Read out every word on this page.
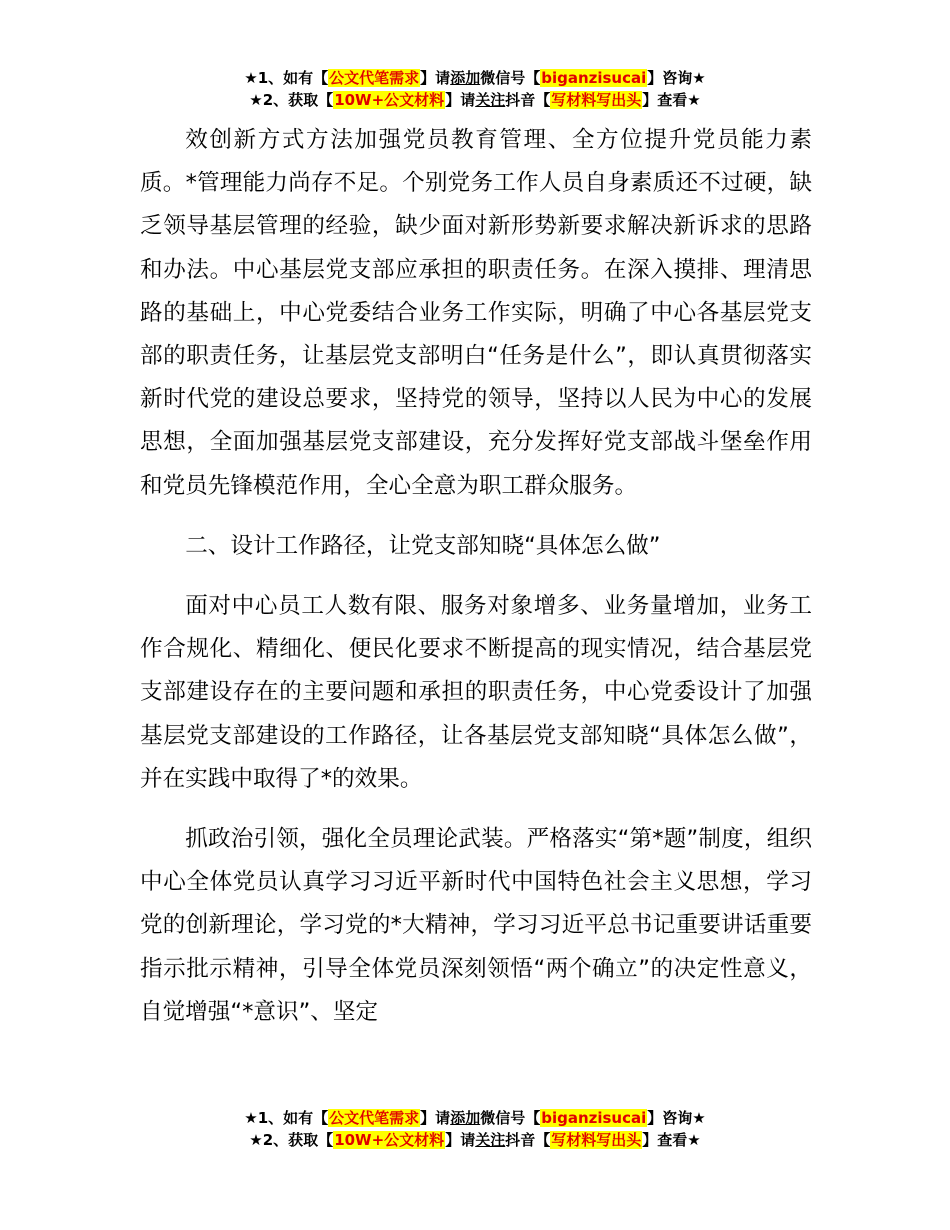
★1、如有【公文代笔需求】请添加微信号【biganzisucai】咨询★
★2、获取【10W+公文材料】请关注抖音【写材料写出头】查看★

效创新方式方法加强党员教育管理、全方位提升党员能力素质。*管理能力尚存不足。个别党务工作人员自身素质还不过硬，缺乏领导基层管理的经验，缺少面对新形势新要求解决新诉求的思路和办法。中心基层党支部应承担的职责任务。在深入摸排、理清思路的基础上，中心党委结合业务工作实际，明确了中心各基层党支部的职责任务，让基层党支部明白“任务是什么”，即认真贯彻落实新时代党的建设总要求，坚持党的领导，坚持以人民为中心的发展思想，全面加强基层党支部建设，充分发挥好党支部战斗堡垒作用和党员先锋模范作用，全心全意为职工群众服务。

二、设计工作路径，让党支部知晓“具体怎么做”

面对中心员工人数有限、服务对象增多、业务量增加，业务工作合规化、精细化、便民化要求不断提高的现实情况，结合基层党支部建设存在的主要问题和承担的职责任务，中心党委设计了加强基层党支部建设的工作路径，让各基层党支部知晓“具体怎么做”，并在实践中取得了*的效果。

抓政治引领，强化全员理论武装。严格落实“第*题”制度，组织中心全体党员认真学习习近平新时代中国特色社会主义思想，学习党的创新理论，学习党的*大精神，学习习近平总书记重要讲话重要指示批示精神，引导全体党员深刻领悟“两个确立”的决定性意义，自觉增强“*意识”、坚定

★1、如有【公文代笔需求】请添加微信号【biganzisucai】咨询★
★2、获取【10W+公文材料】请关注抖音【写材料写出头】查看★
